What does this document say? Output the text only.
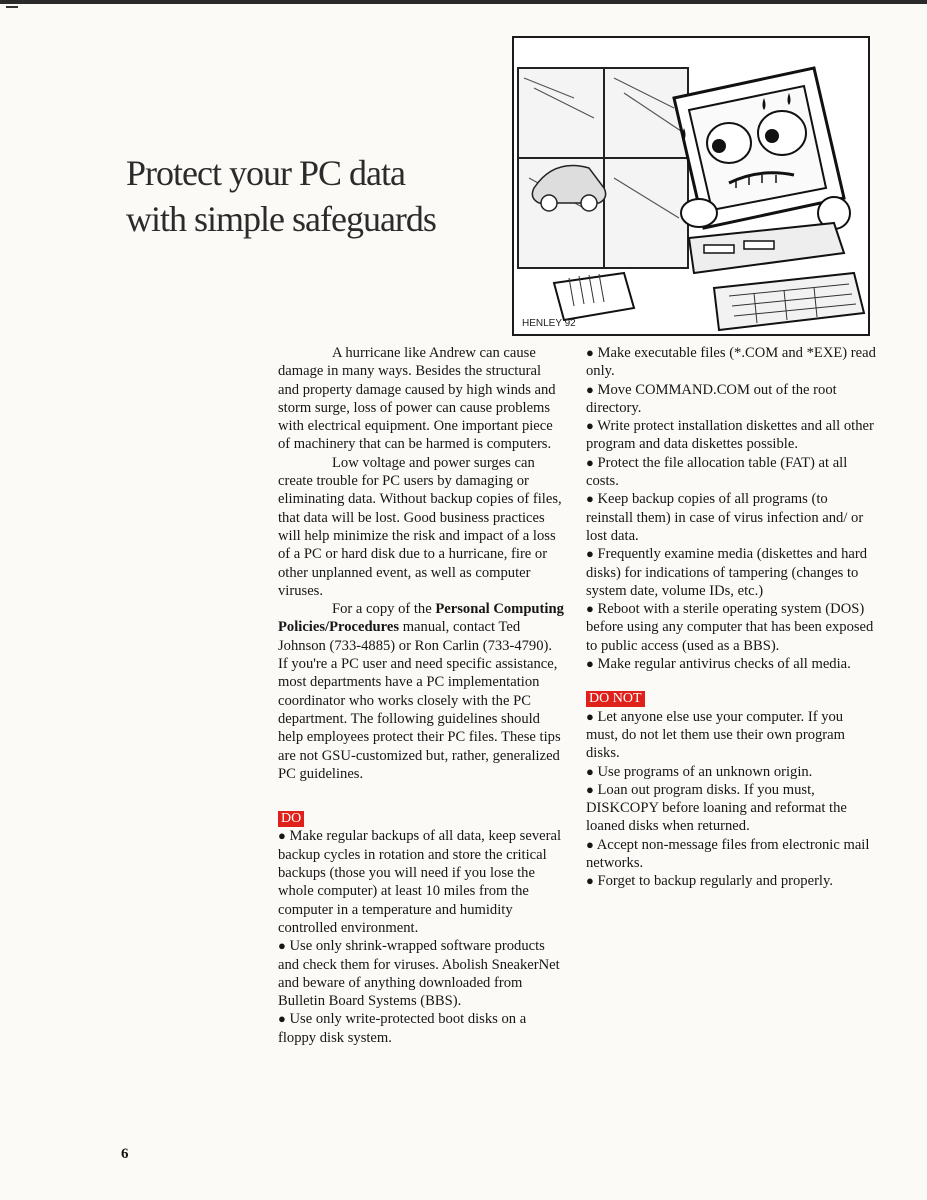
Protect your PC data
with simple safeguards
HENLEY 92

A hurricane like Andrew can cause damage in many ways. Besides the structural and property damage caused by high winds and storm surge, loss of power can cause problems with electrical equipment. One important piece of machinery that can be harmed is computers.

Low voltage and power surges can create trouble for PC users by damaging or eliminating data. Without backup copies of files, that data will be lost. Good business practices will help minimize the risk and impact of a loss of a PC or hard disk due to a hurricane, fire or other unplanned event, as well as computer viruses.

For a copy of the Personal Computing Policies/Procedures manual, contact Ted Johnson (733-4885) or Ron Carlin (733-4790). If you're a PC user and need specific assistance, most departments have a PC implementation coordinator who works closely with the PC department. The following guidelines should help employees protect their PC files. These tips are not GSU-customized but, rather, generalized PC guidelines.

DO

● Make regular backups of all data, keep several backup cycles in rotation and store the critical backups (those you will need if you lose the whole computer) at least 10 miles from the computer in a temperature and humidity controlled environment.

● Use only shrink-wrapped software products and check them for viruses. Abolish SneakerNet and beware of anything downloaded from Bulletin Board Systems (BBS).

● Use only write-protected boot disks on a floppy disk system.

● Make executable files (*.COM and *EXE) read only.

● Move COMMAND.COM out of the root directory.

● Write protect installation diskettes and all other program and data diskettes possible.

● Protect the file allocation table (FAT) at all costs.

● Keep backup copies of all programs (to reinstall them) in case of virus infection and/ or lost data.

● Frequently examine media (diskettes and hard disks) for indications of tampering (changes to system date, volume IDs, etc.)

● Reboot with a sterile operating system (DOS) before using any computer that has been exposed to public access (used as a BBS).

● Make regular antivirus checks of all media.

DO NOT

● Let anyone else use your computer. If you must, do not let them use their own program disks.

● Use programs of an unknown origin.

● Loan out program disks. If you must, DISKCOPY before loaning and reformat the loaned disks when returned.

● Accept non-message files from electronic mail networks.

● Forget to backup regularly and properly.

6
